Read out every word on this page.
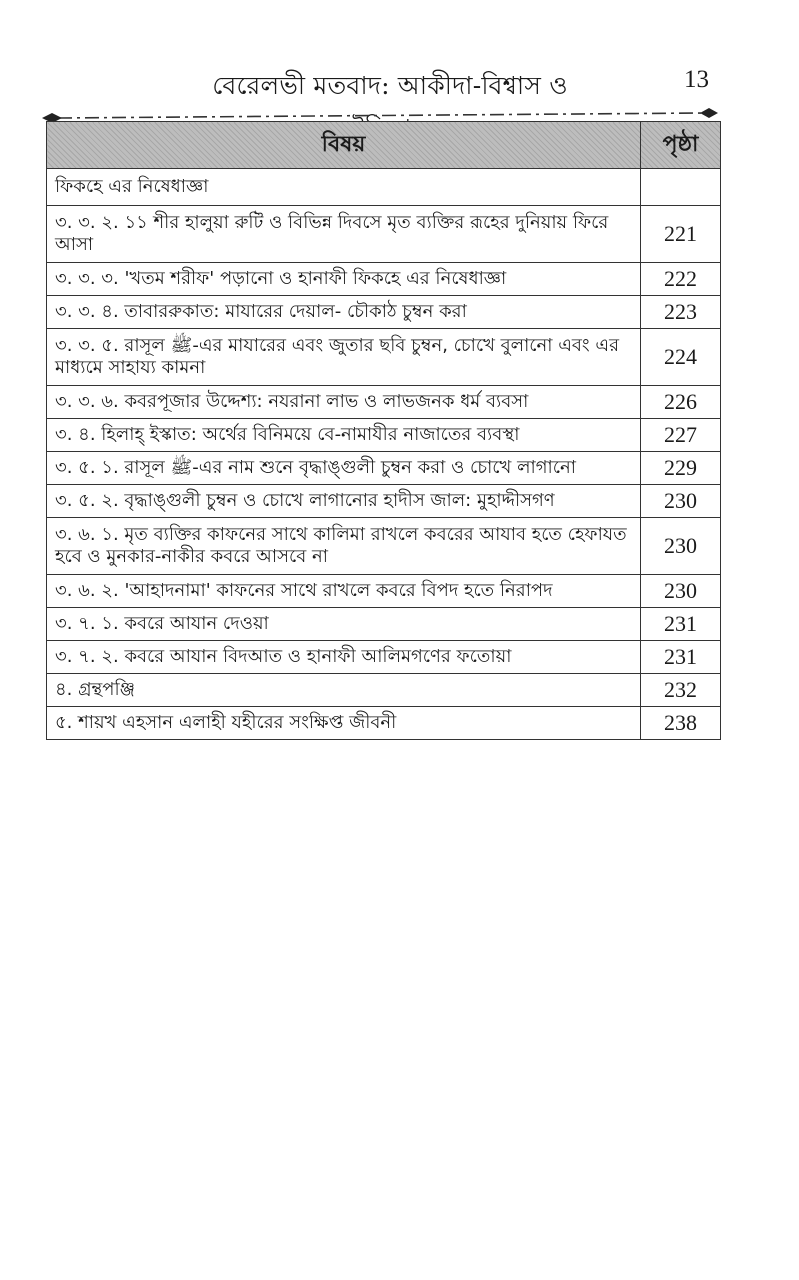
বেরেলভী মতবাদ: আকীদা-বিশ্বাস ও	13
বিষয়	পৃষ্ঠা
ফিকহে এর নিষেধাজ্ঞা	
৩. ৩. ২. ১১ শীর হালুয়া রুটি ও বিভিন্ন দিবসে মৃত ব্যক্তির রূহের দুনিয়ায় ফিরে আসা	221
৩. ৩. ৩. 'খতম শরীফ' পড়ানো ও হানাফী ফিকহে এর নিষেধাজ্ঞা	222
৩. ৩. ৪. তাবাররুকাত: মাযারের দেয়াল- চৌকাঠ চুম্বন করা	223
৩. ৩. ৫. রাসূল ﷺ-এর মাযারের এবং জুতার ছবি চুম্বন, চোখে বুলানো এবং এর মাধ্যমে সাহায্য কামনা	224
৩. ৩. ৬. কবরপূজার উদ্দেশ্য: নযরানা লাভ ও লাভজনক ধর্ম ব্যবসা	226
৩. ৪. হিলাহ্ ইস্কাত: অর্থের বিনিময়ে বে-নামাযীর নাজাতের ব্যবস্থা	227
৩. ৫. ১. রাসূল ﷺ-এর নাম শুনে বৃদ্ধাঙ্গুলী চুম্বন করা ও চোখে লাগানো	229
৩. ৫. ২. বৃদ্ধাঙ্গুলী চুম্বন ও চোখে লাগানোর হাদীস জাল: মুহাদ্দীসগণ	230
৩. ৬. ১. মৃত ব্যক্তির কাফনের সাথে কালিমা রাখলে কবরের আযাব হতে হেফাযত হবে ও মুনকার-নাকীর কবরে আসবে না	230
৩. ৬. ২. 'আহাদনামা' কাফনের সাথে রাখলে কবরে বিপদ হতে নিরাপদ	230
৩. ৭. ১. কবরে আযান দেওয়া	231
৩. ৭. ২. কবরে আযান বিদআত ও হানাফী আলিমগণের ফতোয়া	231
৪. গ্রন্থপঞ্জি	232
৫. শায়খ এহসান এলাহী যহীরের সংক্ষিপ্ত জীবনী	238
